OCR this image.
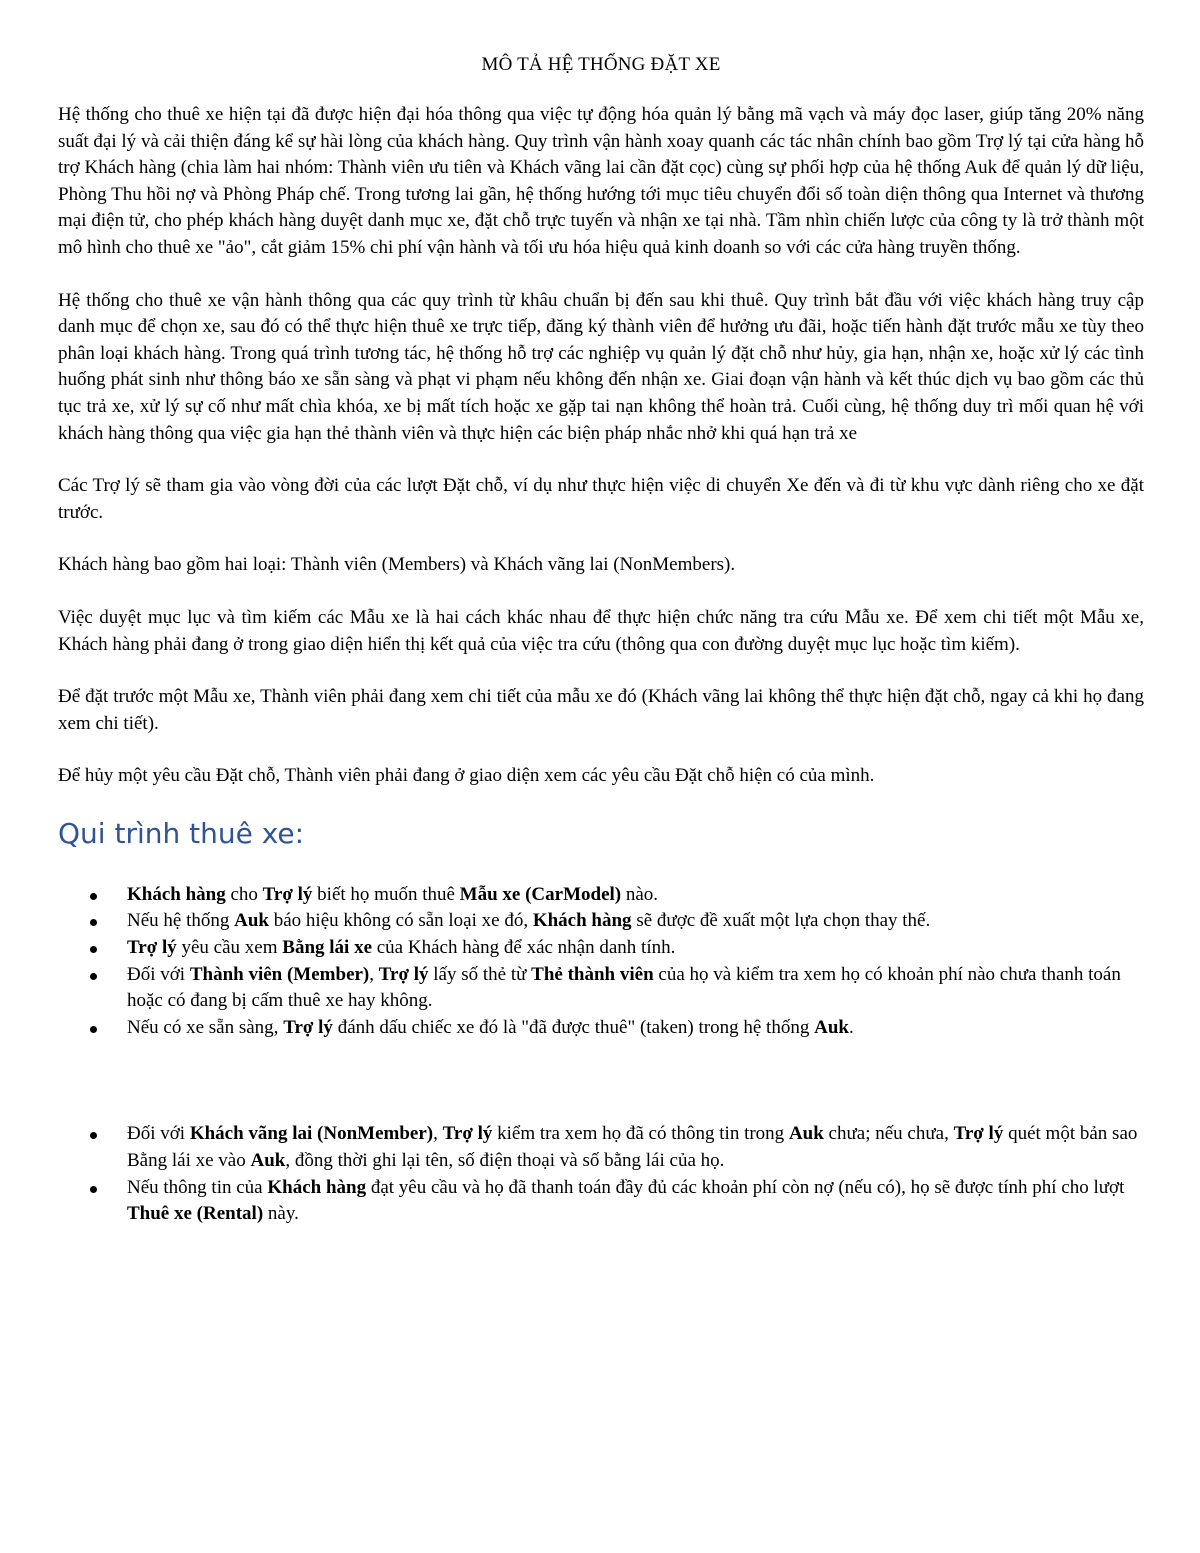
MÔ TẢ HỆ THỐNG ĐẶT XE

Hệ thống cho thuê xe hiện tại đã được hiện đại hóa thông qua việc tự động hóa quản lý bằng mã vạch và máy đọc laser, giúp tăng 20% năng suất đại lý và cải thiện đáng kể sự hài lòng của khách hàng. Quy trình vận hành xoay quanh các tác nhân chính bao gồm Trợ lý tại cửa hàng hỗ trợ Khách hàng (chia làm hai nhóm: Thành viên ưu tiên và Khách vãng lai cần đặt cọc) cùng sự phối hợp của hệ thống Auk để quản lý dữ liệu, Phòng Thu hồi nợ và Phòng Pháp chế. Trong tương lai gần, hệ thống hướng tới mục tiêu chuyển đổi số toàn diện thông qua Internet và thương mại điện tử, cho phép khách hàng duyệt danh mục xe, đặt chỗ trực tuyến và nhận xe tại nhà. Tầm nhìn chiến lược của công ty là trở thành một mô hình cho thuê xe "ảo", cắt giảm 15% chi phí vận hành và tối ưu hóa hiệu quả kinh doanh so với các cửa hàng truyền thống.

Hệ thống cho thuê xe vận hành thông qua các quy trình từ khâu chuẩn bị đến sau khi thuê. Quy trình bắt đầu với việc khách hàng truy cập danh mục để chọn xe, sau đó có thể thực hiện thuê xe trực tiếp, đăng ký thành viên để hưởng ưu đãi, hoặc tiến hành đặt trước mẫu xe tùy theo phân loại khách hàng. Trong quá trình tương tác, hệ thống hỗ trợ các nghiệp vụ quản lý đặt chỗ như hủy, gia hạn, nhận xe, hoặc xử lý các tình huống phát sinh như thông báo xe sẵn sàng và phạt vi phạm nếu không đến nhận xe. Giai đoạn vận hành và kết thúc dịch vụ bao gồm các thủ tục trả xe, xử lý sự cố như mất chìa khóa, xe bị mất tích hoặc xe gặp tai nạn không thể hoàn trả. Cuối cùng, hệ thống duy trì mối quan hệ với khách hàng thông qua việc gia hạn thẻ thành viên và thực hiện các biện pháp nhắc nhở khi quá hạn trả xe

Các Trợ lý sẽ tham gia vào vòng đời của các lượt Đặt chỗ, ví dụ như thực hiện việc di chuyển Xe đến và đi từ khu vực dành riêng cho xe đặt trước.

Khách hàng bao gồm hai loại: Thành viên (Members) và Khách vãng lai (NonMembers).

Việc duyệt mục lục và tìm kiếm các Mẫu xe là hai cách khác nhau để thực hiện chức năng tra cứu Mẫu xe. Để xem chi tiết một Mẫu xe, Khách hàng phải đang ở trong giao diện hiển thị kết quả của việc tra cứu (thông qua con đường duyệt mục lục hoặc tìm kiếm).

Để đặt trước một Mẫu xe, Thành viên phải đang xem chi tiết của mẫu xe đó (Khách vãng lai không thể thực hiện đặt chỗ, ngay cả khi họ đang xem chi tiết).

Để hủy một yêu cầu Đặt chỗ, Thành viên phải đang ở giao diện xem các yêu cầu Đặt chỗ hiện có của mình.

Qui trình thuê xe:
Khách hàng cho Trợ lý biết họ muốn thuê Mẫu xe (CarModel) nào.
Nếu hệ thống Auk báo hiệu không có sẵn loại xe đó, Khách hàng sẽ được đề xuất một lựa chọn thay thế.
Trợ lý yêu cầu xem Bằng lái xe của Khách hàng để xác nhận danh tính.
Đối với Thành viên (Member), Trợ lý lấy số thẻ từ Thẻ thành viên của họ và kiểm tra xem họ có khoản phí nào chưa thanh toán hoặc có đang bị cấm thuê xe hay không.
Nếu có xe sẵn sàng, Trợ lý đánh dấu chiếc xe đó là "đã được thuê" (taken) trong hệ thống Auk.
Đối với Khách vãng lai (NonMember), Trợ lý kiểm tra xem họ đã có thông tin trong Auk chưa; nếu chưa, Trợ lý quét một bản sao Bằng lái xe vào Auk, đồng thời ghi lại tên, số điện thoại và số bằng lái của họ.
Nếu thông tin của Khách hàng đạt yêu cầu và họ đã thanh toán đầy đủ các khoản phí còn nợ (nếu có), họ sẽ được tính phí cho lượt Thuê xe (Rental) này.
